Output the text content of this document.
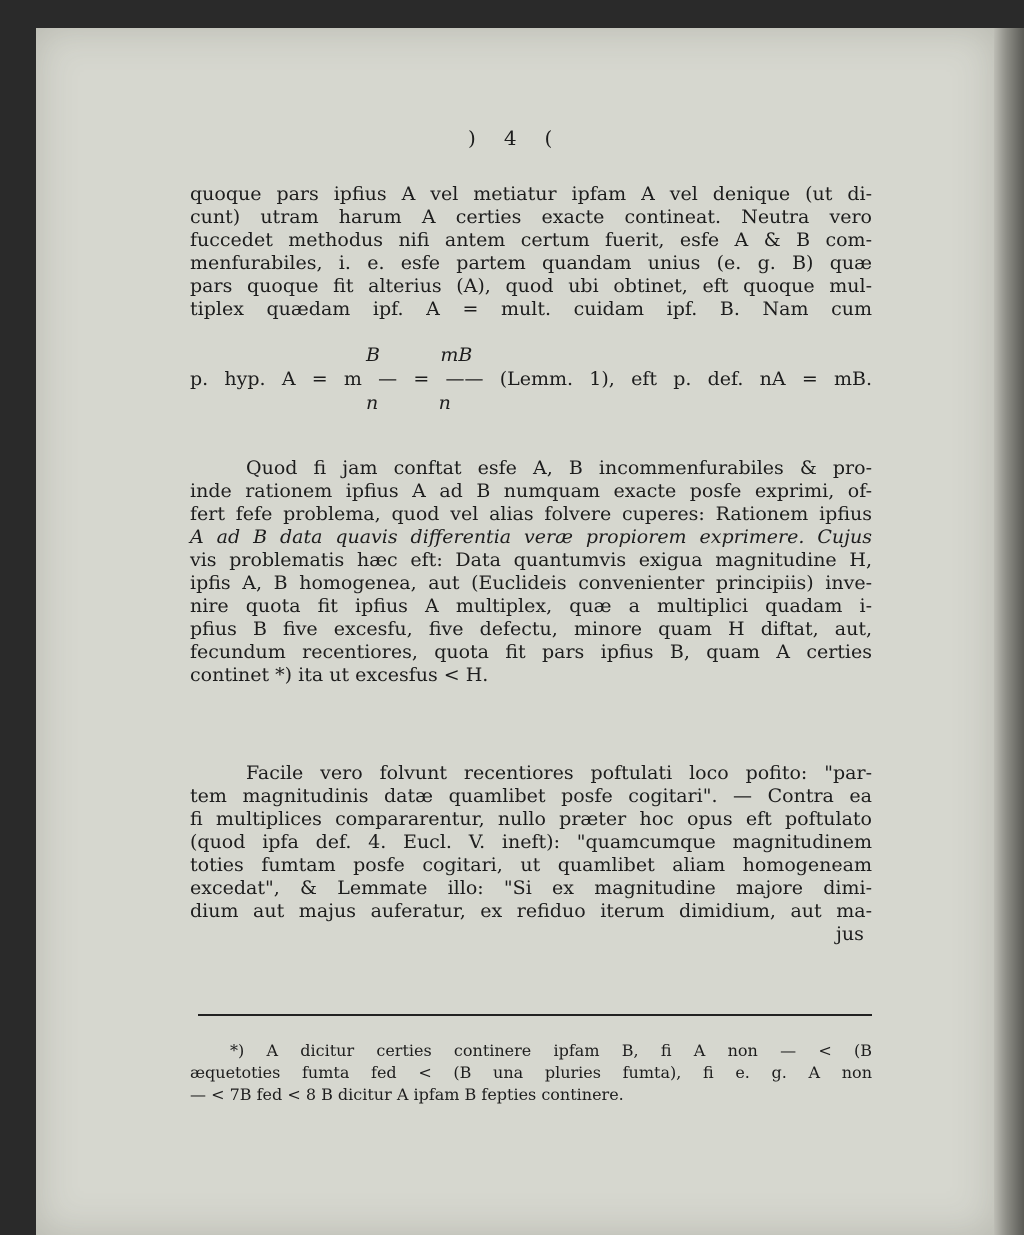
)4(
quoque pars ipfius A vel metiatur ipfam A vel denique (ut di-
cunt) utram harum A certies exacte contineat. Neutra vero
fuccedet methodus nifi antem certum fuerit, esfe A & B com-
menfurabiles, i. e. esfe partem quandam unius (e. g. B) quæ
pars quoque fit alterius (A), quod ubi obtinet, eft quoque mul-
tiplex quædam ipf. A = mult. cuidam ipf. B. Nam cum
B          mB
p. hyp. A = m — = —— (Lemm. 1), eft p. def. nA = mB.
n          n
Quod fi jam conftat esfe A, B incommenfurabiles & pro-
inde rationem ipfius A ad B numquam exacte posfe exprimi, of-
fert fefe problema, quod vel alias folvere cuperes: Rationem ipfius
A ad B data quavis differentia veræ propiorem exprimere. Cujus
vis problematis hæc eft: Data quantumvis exigua magnitudine H,
ipfis A, B homogenea, aut (Euclideis convenienter principiis) inve-
nire quota fit ipfius A multiplex, quæ a multiplici quadam i-
pfius B five excesfu, five defectu, minore quam H diftat, aut,
fecundum recentiores, quota fit pars ipfius B, quam A certies
continet *) ita ut excesfus < H.
Facile vero folvunt recentiores poftulati loco pofito: "par-
tem magnitudinis datæ quamlibet posfe cogitari". — Contra ea
fi multiplices compararentur, nullo præter hoc opus eft poftulato
(quod ipfa def. 4. Eucl. V. ineft): "quamcumque magnitudinem
toties fumtam posfe cogitari, ut quamlibet aliam homogeneam
excedat", & Lemmate illo: "Si ex magnitudine majore dimi-
dium aut majus auferatur, ex refiduo iterum dimidium, aut ma-
jus
*) A dicitur certies continere ipfam B, fi A non — < (B
æquetoties fumta fed < (B una pluries fumta), fi e. g. A non
— < 7B fed < 8 B dicitur A ipfam B fepties continere.
